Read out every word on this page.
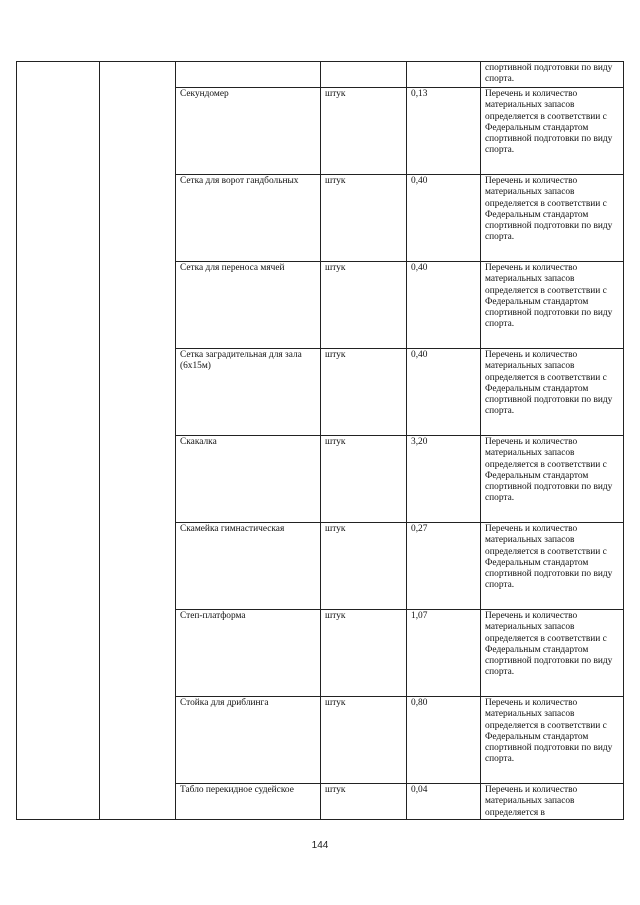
					спортивной подготовки по виду спорта.
		Секундомер	штук	0,13	Перечень и количество материальных запасов определяется в соответствии с Федеральным стандартом спортивной подготовки по виду спорта.
		Сетка для ворот гандбольных	штук	0,40	Перечень и количество материальных запасов определяется в соответствии с Федеральным стандартом спортивной подготовки по виду спорта.
		Сетка для переноса мячей	штук	0,40	Перечень и количество материальных запасов определяется в соответствии с Федеральным стандартом спортивной подготовки по виду спорта.
		Сетка заградительная для зала (6х15м)	штук	0,40	Перечень и количество материальных запасов определяется в соответствии с Федеральным стандартом спортивной подготовки по виду спорта.
		Скакалка	штук	3,20	Перечень и количество материальных запасов определяется в соответствии с Федеральным стандартом спортивной подготовки по виду спорта.
		Скамейка гимнастическая	штук	0,27	Перечень и количество материальных запасов определяется в соответствии с Федеральным стандартом спортивной подготовки по виду спорта.
		Степ-платформа	штук	1,07	Перечень и количество материальных запасов определяется в соответствии с Федеральным стандартом спортивной подготовки по виду спорта.
		Стойка для дриблинга	штук	0,80	Перечень и количество материальных запасов определяется в соответствии с Федеральным стандартом спортивной подготовки по виду спорта.
		Табло перекидное судейское	штук	0,04	Перечень и количество материальных запасов определяется в
144
